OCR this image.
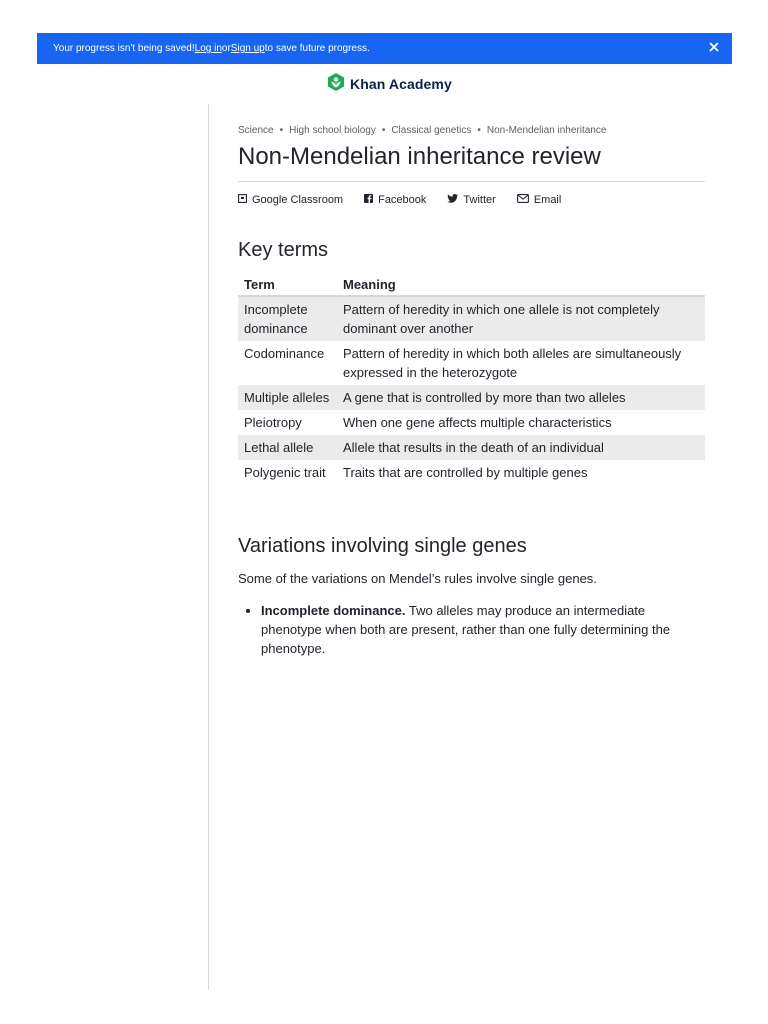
Your progress isn't being saved! Log in or Sign up to save future progress.
Khan Academy
Science • High school biology • Classical genetics • Non-Mendelian inheritance
Non-Mendelian inheritance review
Google Classroom	Facebook	Twitter	Email
Key terms
Term	Meaning
Incomplete dominance	Pattern of heredity in which one allele is not completely dominant over another
Codominance	Pattern of heredity in which both alleles are simultaneously expressed in the heterozygote
Multiple alleles	A gene that is controlled by more than two alleles
Pleiotropy	When one gene affects multiple characteristics
Lethal allele	Allele that results in the death of an individual
Polygenic trait	Traits that are controlled by multiple genes
Variations involving single genes

Some of the variations on Mendel’s rules involve single genes.

• Incomplete dominance. Two alleles may produce an intermediate phenotype when both are present, rather than one fully determining the phenotype.
